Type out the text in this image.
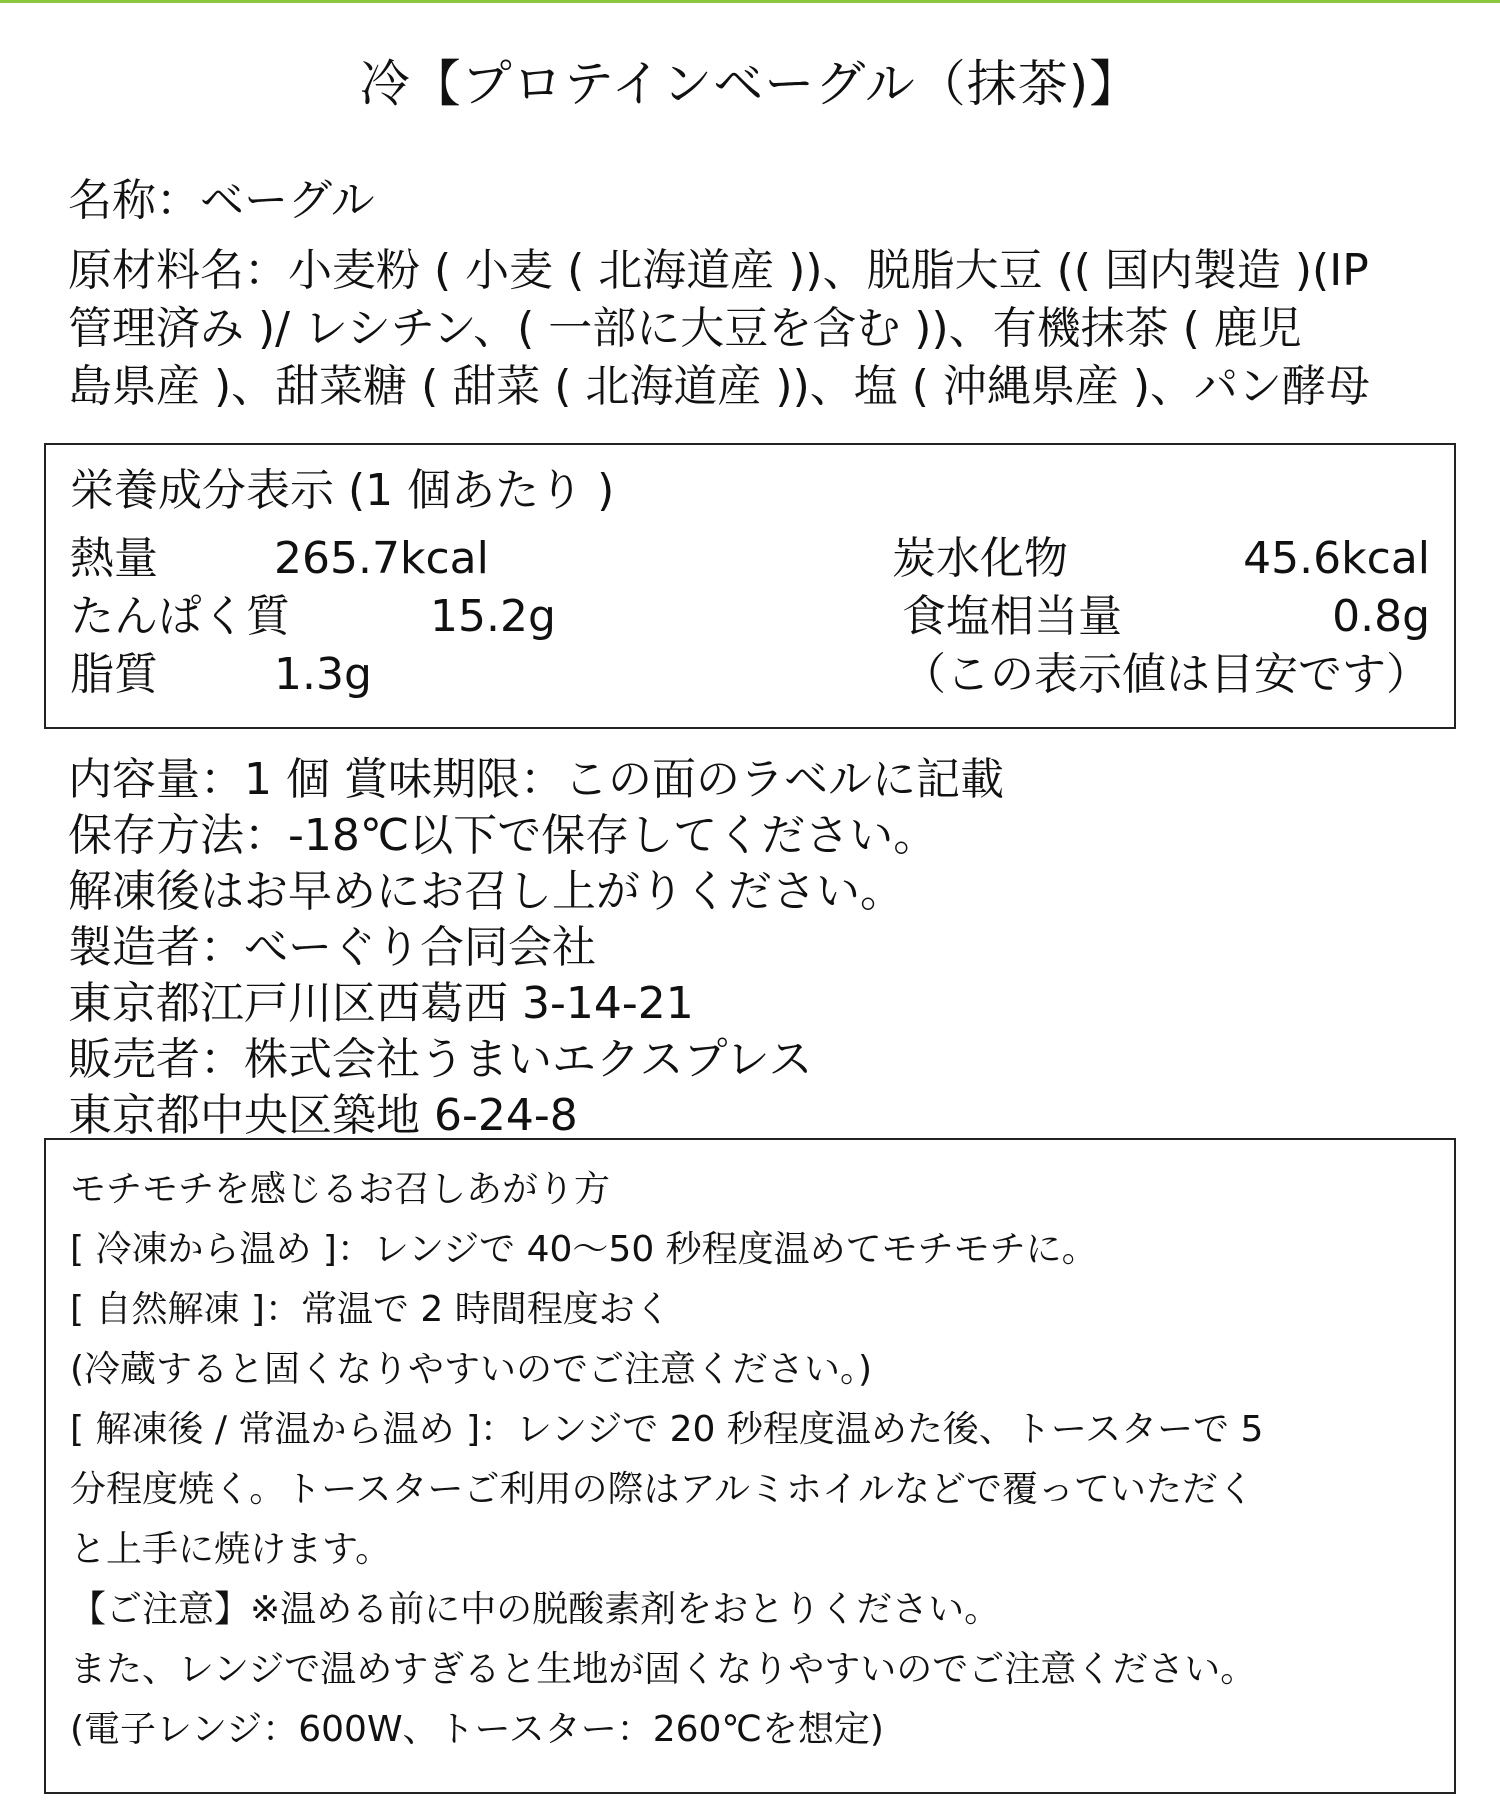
冷【プロテインベーグル（抹茶)】
名称：ベーグル
原材料名：小麦粉 ( 小麦 ( 北海道産 ))、脱脂大豆 (( 国内製造 )(IP
管理済み )/ レシチン、( 一部に大豆を含む ))、有機抹茶 ( 鹿児
島県産 )、甜菜糖 ( 甜菜 ( 北海道産 ))、塩 ( 沖縄県産 )、パン酵母
栄養成分表示 (1 個あたり )
熱量	265.7kcal	炭水化物	45.6kcal
たんぱく質	15.2g	食塩相当量	0.8g
脂質	1.3g	（この表示値は目安です）
内容量：1 個 賞味期限：この面のラベルに記載
保存方法：-18℃以下で保存してください。
解凍後はお早めにお召し上がりください。
製造者：べーぐり合同会社
東京都江戸川区西葛西 3-14-21
販売者：株式会社うまいエクスプレス
東京都中央区築地 6-24-8
モチモチを感じるお召しあがり方
[ 冷凍から温め ]：レンジで 40～50 秒程度温めてモチモチに。
[ 自然解凍 ]：常温で 2 時間程度おく
(冷蔵すると固くなりやすいのでご注意ください。)
[ 解凍後 / 常温から温め ]：レンジで 20 秒程度温めた後、トースターで 5
分程度焼く。トースターご利用の際はアルミホイルなどで覆っていただく
と上手に焼けます。
【ご注意】※温める前に中の脱酸素剤をおとりください。
また、レンジで温めすぎると生地が固くなりやすいのでご注意ください。
(電子レンジ：600W、トースター：260℃を想定)
